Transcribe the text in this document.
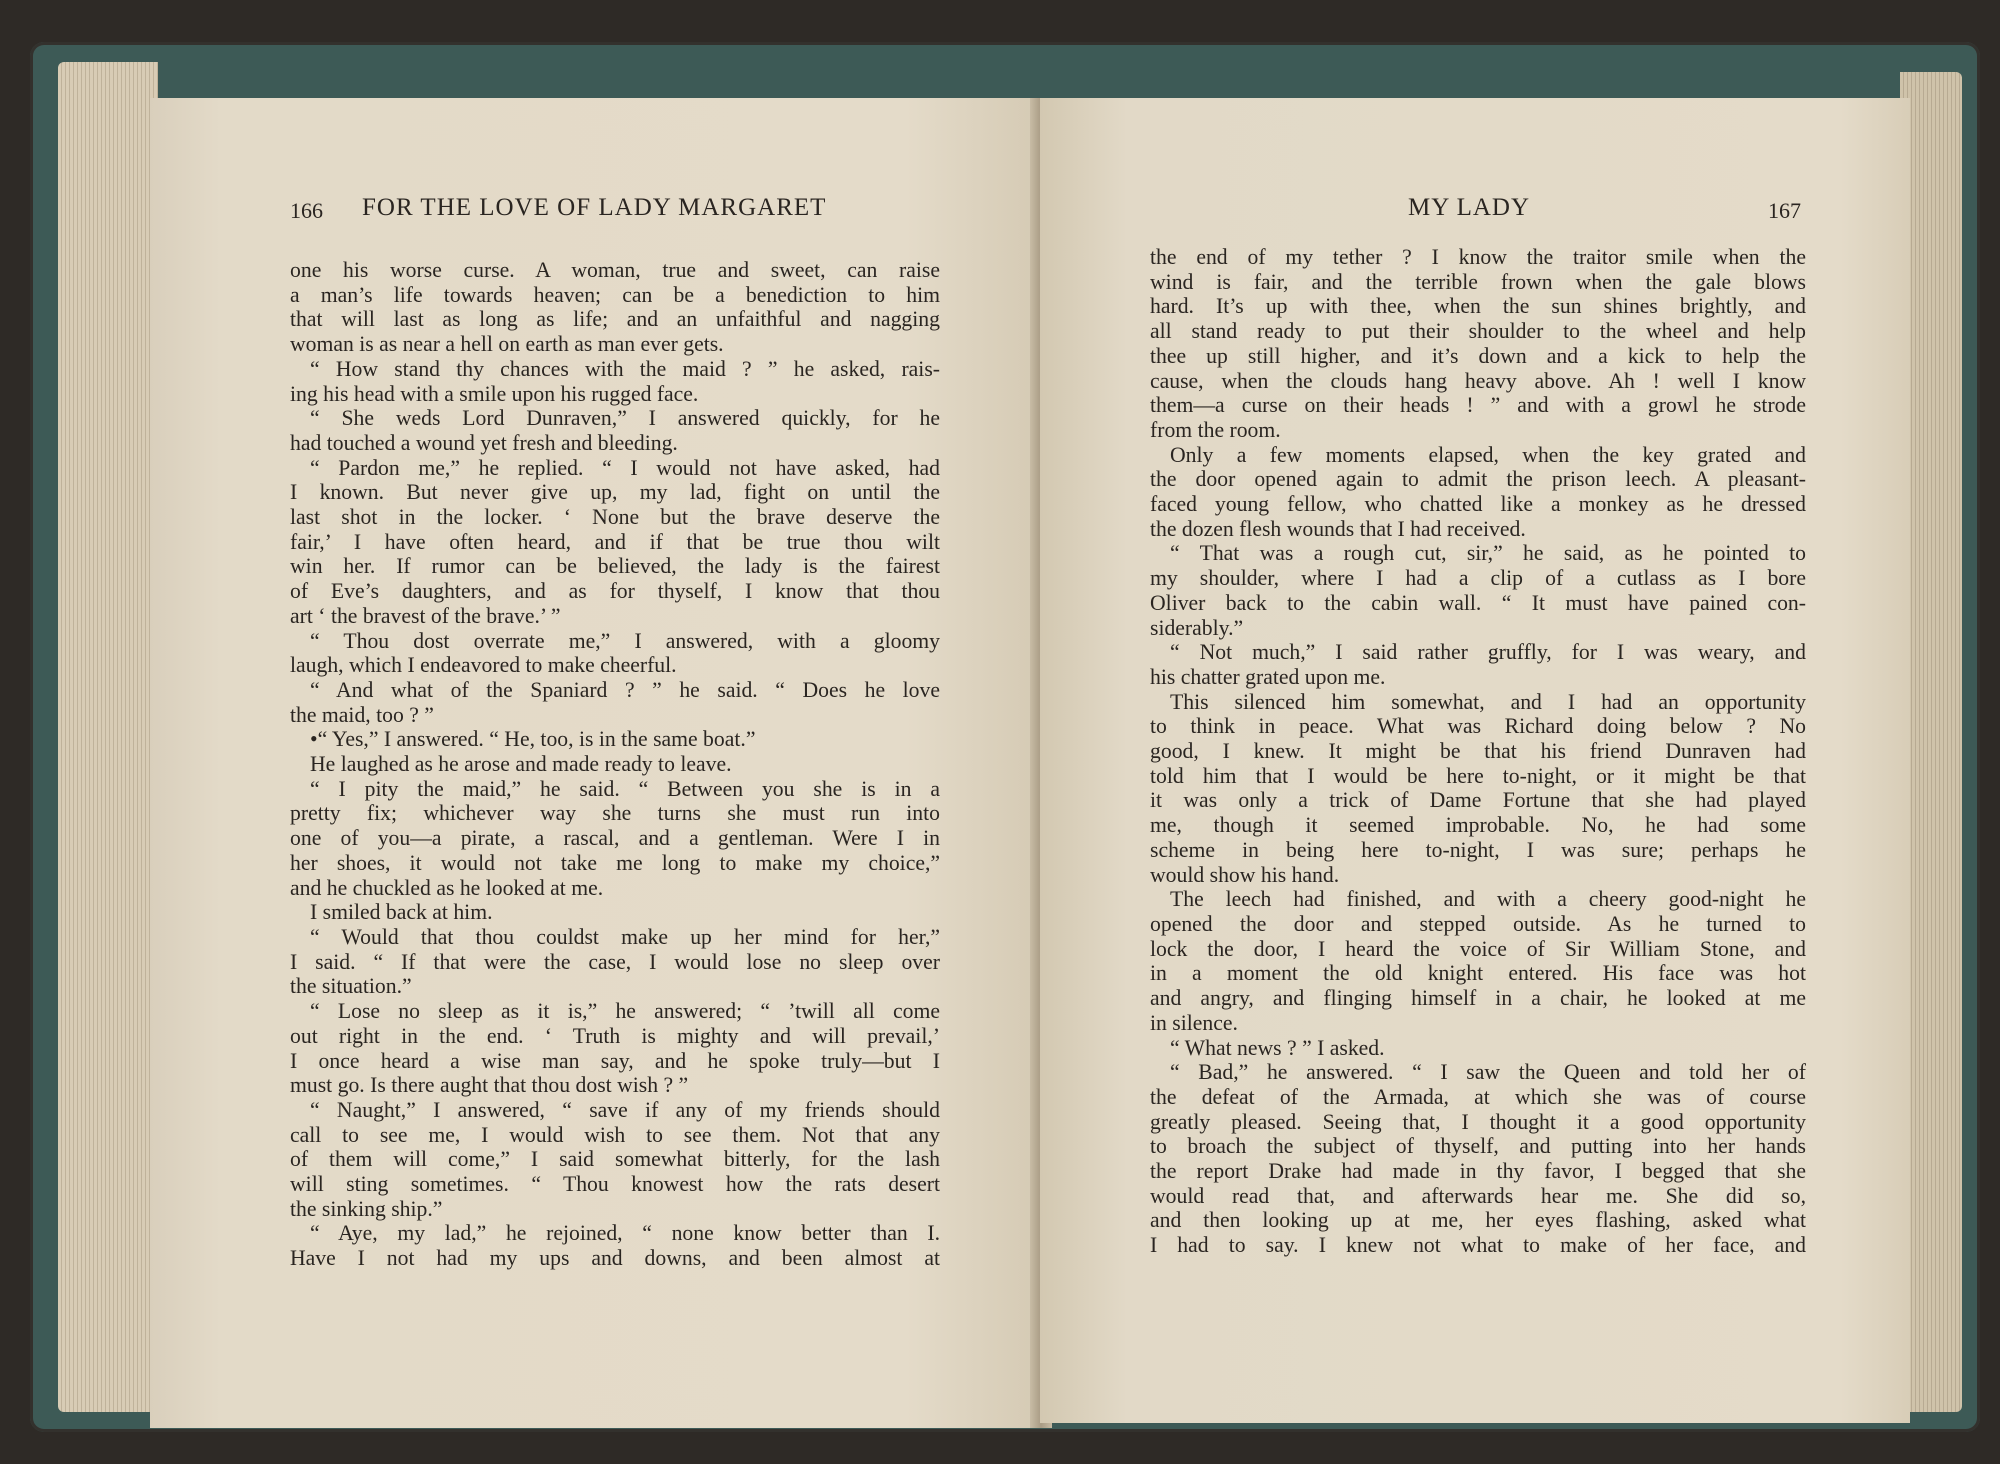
166 FOR THE LOVE OF LADY MARGARET
one his worse curse. A woman, true and sweet, can raise
a man’s life towards heaven; can be a benediction to him
that will last as long as life; and an unfaithful and nagging
woman is as near a hell on earth as man ever gets.
“ How stand thy chances with the maid ? ” he asked, rais-
ing his head with a smile upon his rugged face.
“ She weds Lord Dunraven,” I answered quickly, for he
had touched a wound yet fresh and bleeding.
“ Pardon me,” he replied. “ I would not have asked, had
I known. But never give up, my lad, fight on until the
last shot in the locker. ‘ None but the brave deserve the
fair,’ I have often heard, and if that be true thou wilt
win her. If rumor can be believed, the lady is the fairest
of Eve’s daughters, and as for thyself, I know that thou
art ‘ the bravest of the brave.’ ”
“ Thou dost overrate me,” I answered, with a gloomy
laugh, which I endeavored to make cheerful.
“ And what of the Spaniard ? ” he said. “ Does he love
the maid, too ? ”
•“ Yes,” I answered. “ He, too, is in the same boat.”
He laughed as he arose and made ready to leave.
“ I pity the maid,” he said. “ Between you she is in a
pretty fix; whichever way she turns she must run into
one of you—a pirate, a rascal, and a gentleman. Were I in
her shoes, it would not take me long to make my choice,”
and he chuckled as he looked at me.
I smiled back at him.
“ Would that thou couldst make up her mind for her,”
I said. “ If that were the case, I would lose no sleep over
the situation.”
“ Lose no sleep as it is,” he answered; “ ’twill all come
out right in the end. ‘ Truth is mighty and will prevail,’
I once heard a wise man say, and he spoke truly—but I
must go. Is there aught that thou dost wish ? ”
“ Naught,” I answered, “ save if any of my friends should
call to see me, I would wish to see them. Not that any
of them will come,” I said somewhat bitterly, for the lash
will sting sometimes. “ Thou knowest how the rats desert
the sinking ship.”
“ Aye, my lad,” he rejoined, “ none know better than I.
Have I not had my ups and downs, and been almost at
MY LADY	167
the end of my tether ? I know the traitor smile when the
wind is fair, and the terrible frown when the gale blows
hard. It’s up with thee, when the sun shines brightly, and
all stand ready to put their shoulder to the wheel and help
thee up still higher, and it’s down and a kick to help the
cause, when the clouds hang heavy above. Ah ! well I know
them—a curse on their heads ! ” and with a growl he strode
from the room.
Only a few moments elapsed, when the key grated and
the door opened again to admit the prison leech. A pleasant-
faced young fellow, who chatted like a monkey as he dressed
the dozen flesh wounds that I had received.
“ That was a rough cut, sir,” he said, as he pointed to
my shoulder, where I had a clip of a cutlass as I bore
Oliver back to the cabin wall. “ It must have pained con-
siderably.”
“ Not much,” I said rather gruffly, for I was weary, and
his chatter grated upon me.
This silenced him somewhat, and I had an opportunity
to think in peace. What was Richard doing below ? No
good, I knew. It might be that his friend Dunraven had
told him that I would be here to-night, or it might be that
it was only a trick of Dame Fortune that she had played
me, though it seemed improbable. No, he had some
scheme in being here to-night, I was sure; perhaps he
would show his hand.
The leech had finished, and with a cheery good-night he
opened the door and stepped outside. As he turned to
lock the door, I heard the voice of Sir William Stone, and
in a moment the old knight entered. His face was hot
and angry, and flinging himself in a chair, he looked at me
in silence.
“ What news ? ” I asked.
“ Bad,” he answered. “ I saw the Queen and told her of
the defeat of the Armada, at which she was of course
greatly pleased. Seeing that, I thought it a good opportunity
to broach the subject of thyself, and putting into her hands
the report Drake had made in thy favor, I begged that she
would read that, and afterwards hear me. She did so,
and then looking up at me, her eyes flashing, asked what
I had to say. I knew not what to make of her face, and
